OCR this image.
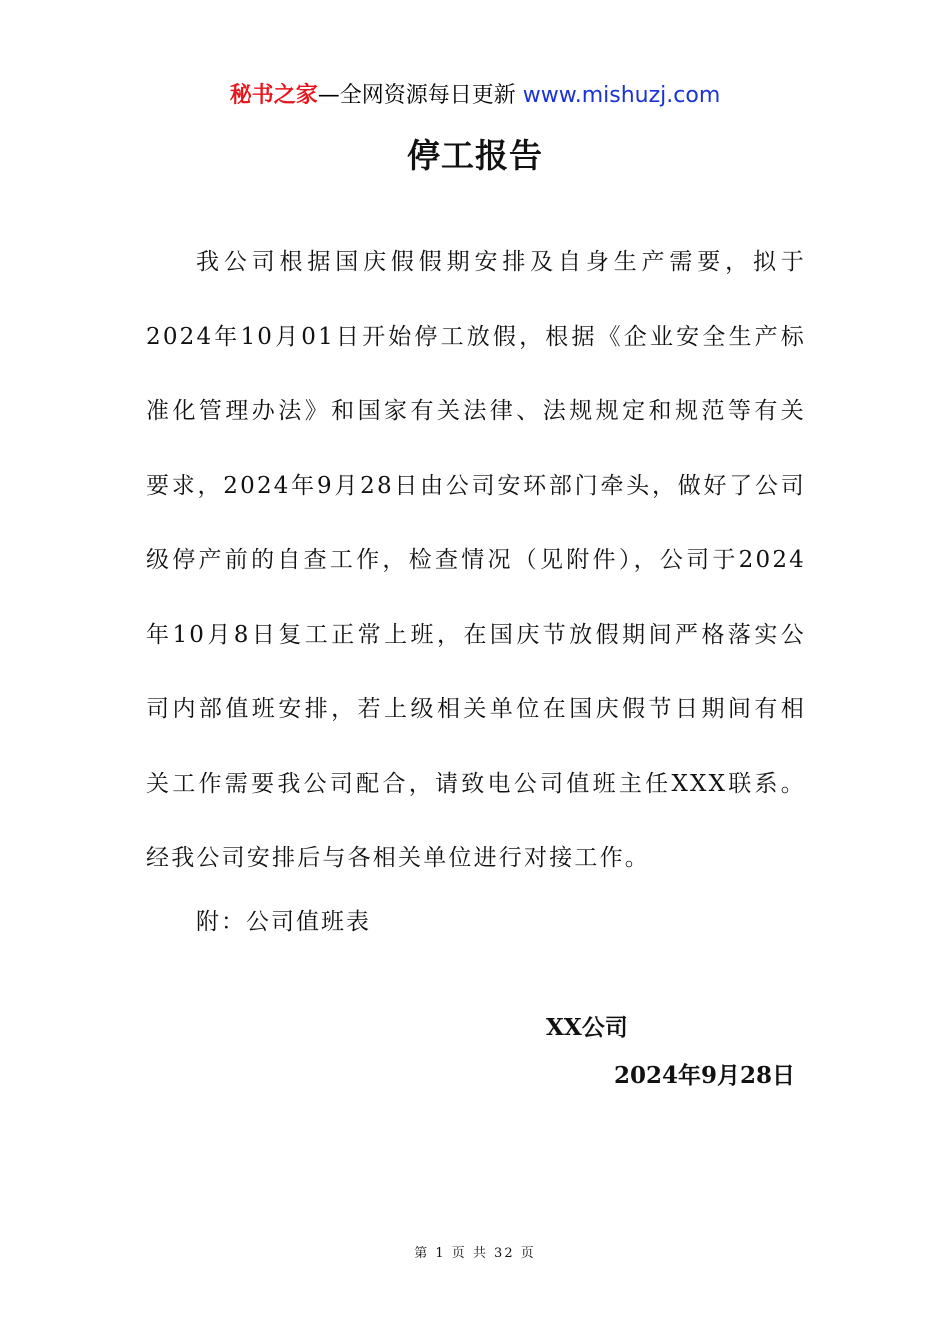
秘书之家—全网资源每日更新 www.mishuzj.com
停工报告
我公司根据国庆假假期安排及自身生产需要，拟于
2024年10月01日开始停工放假，根据《企业安全生产标
准化管理办法》和国家有关法律、法规规定和规范等有关
要求，2024年9月28日由公司安环部门牵头，做好了公司
级停产前的自查工作，检查情况（见附件），公司于2024
年10月8日复工正常上班，在国庆节放假期间严格落实公
司内部值班安排，若上级相关单位在国庆假节日期间有相
关工作需要我公司配合，请致电公司值班主任XXX联系。
经我公司安排后与各相关单位进行对接工作。
附：公司值班表
XX公司
2024年9月28日
第 1 页 共 32 页
